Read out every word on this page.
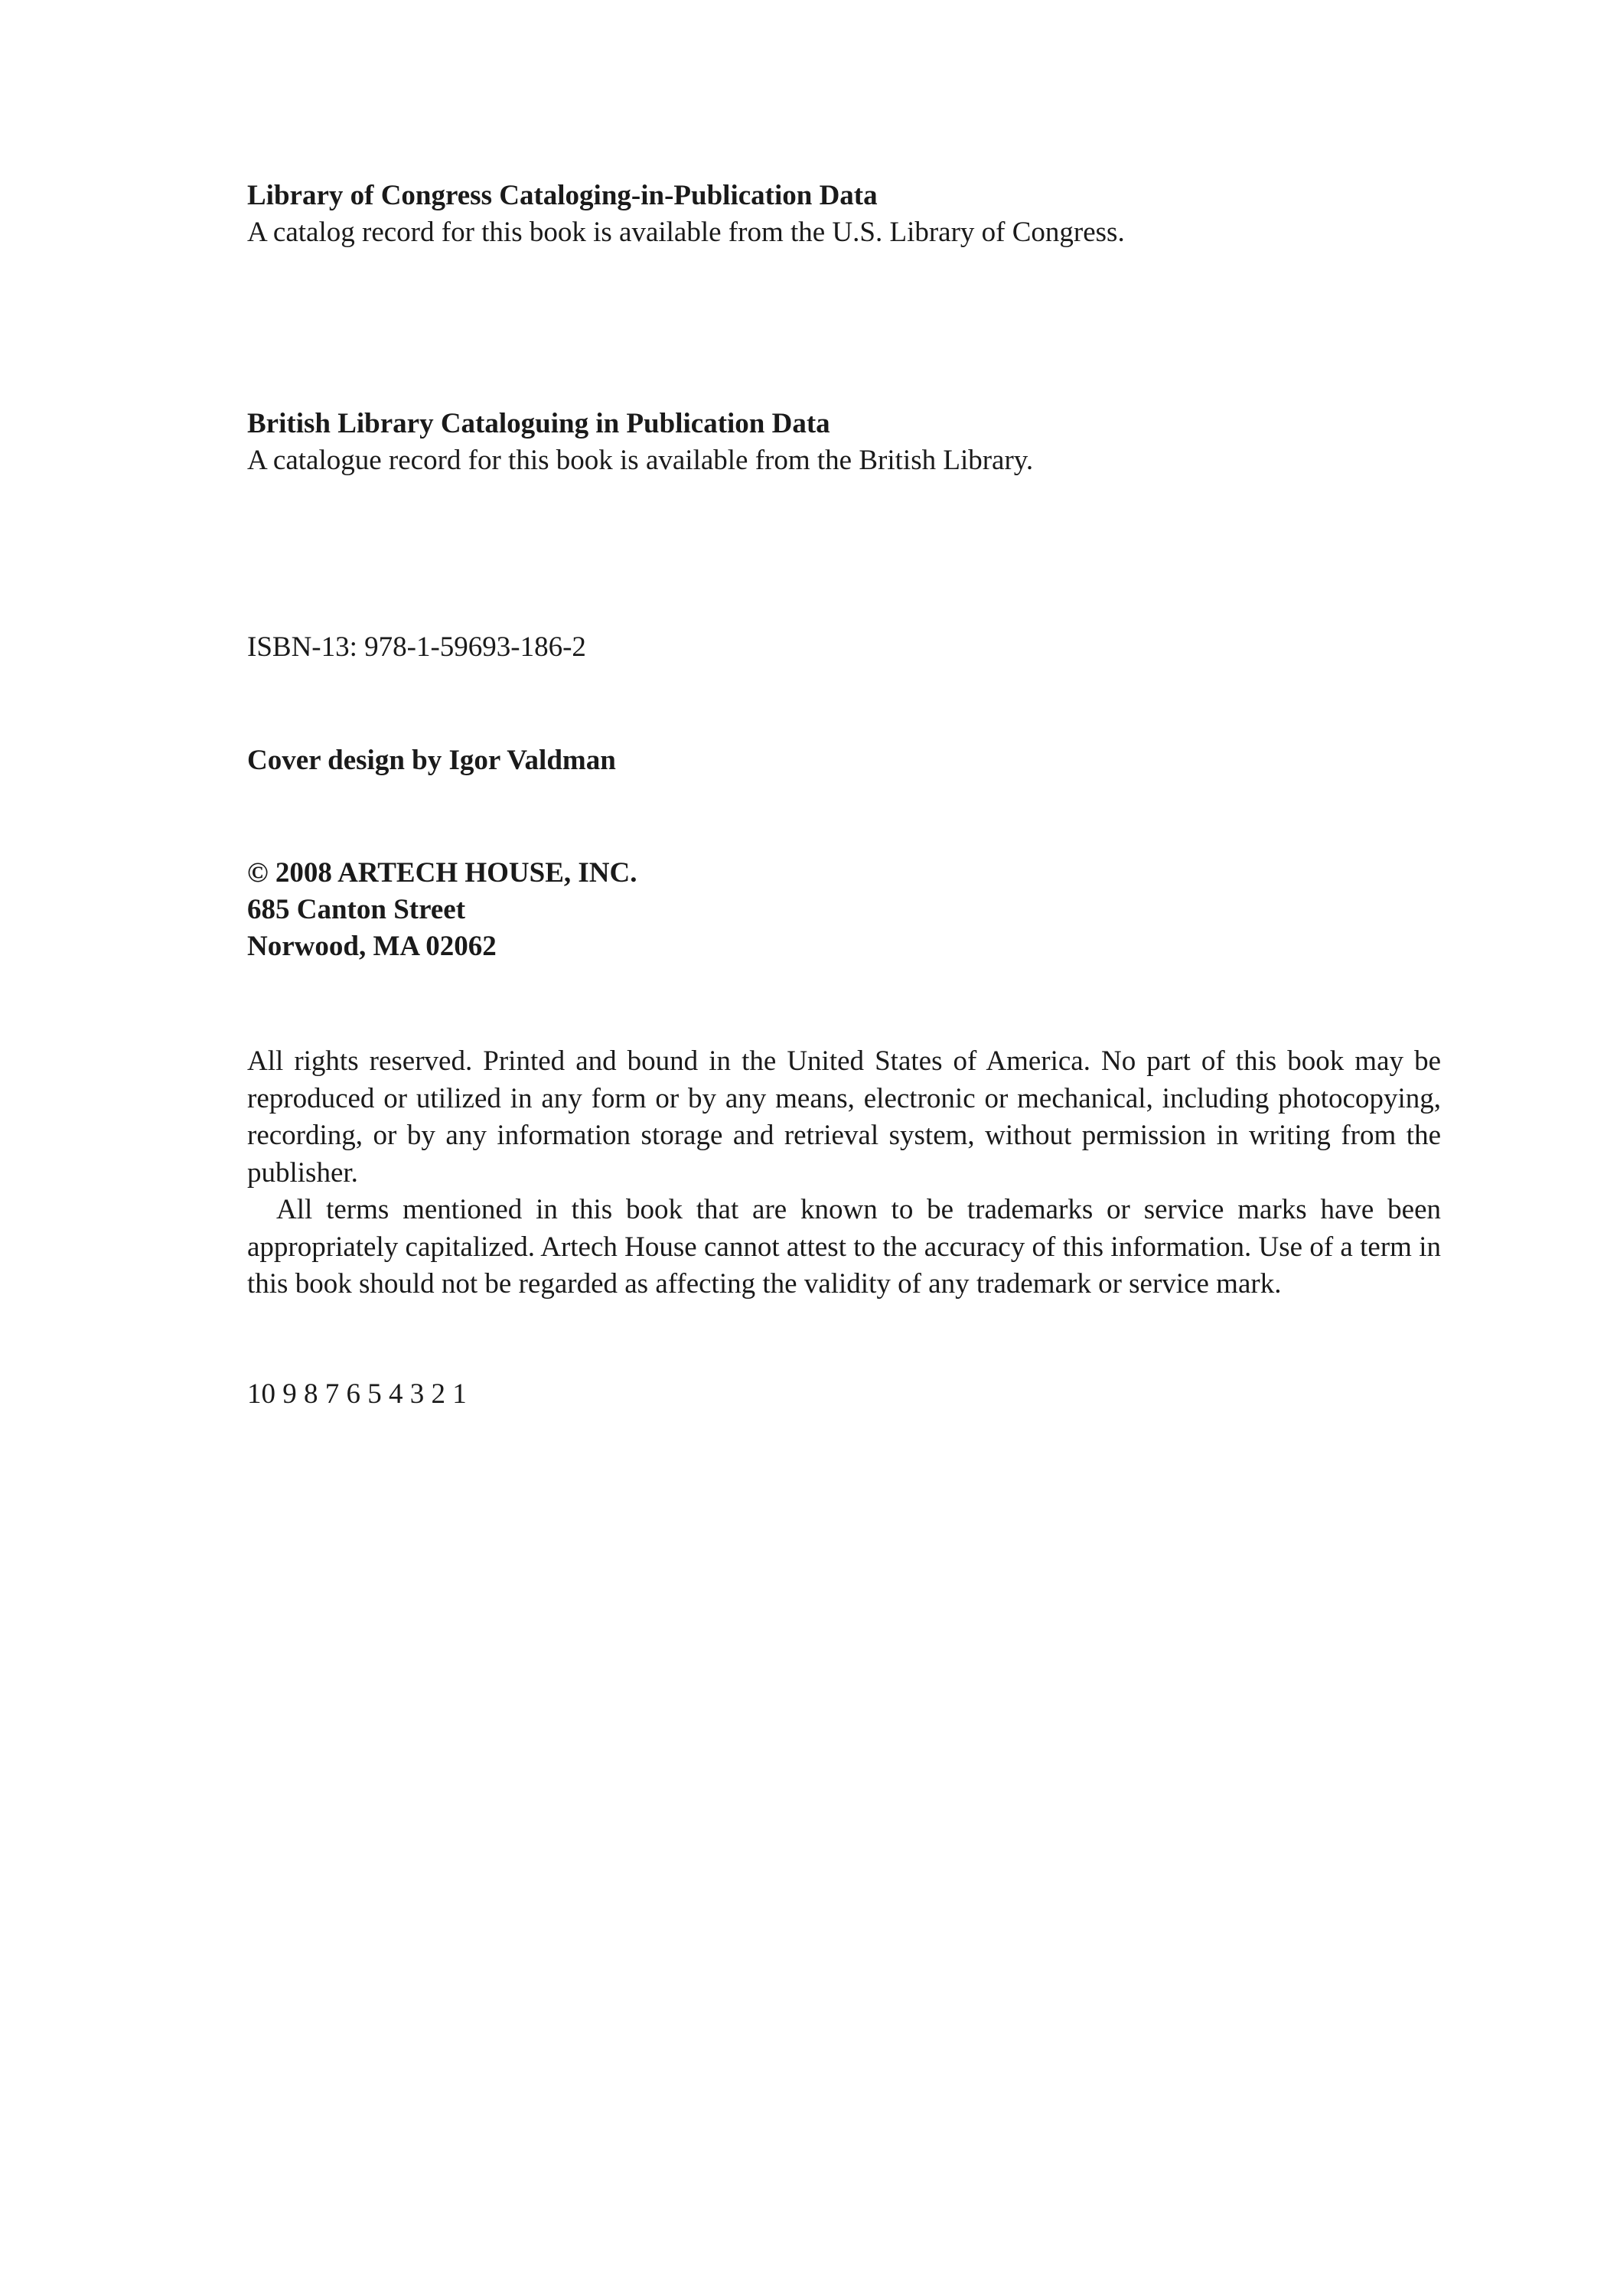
Library of Congress Cataloging-in-Publication Data
A catalog record for this book is available from the U.S. Library of Congress.
British Library Cataloguing in Publication Data
A catalogue record for this book is available from the British Library.
ISBN-13: 978-1-59693-186-2
Cover design by Igor Valdman
© 2008 ARTECH HOUSE, INC.
685 Canton Street
Norwood, MA 02062
All rights reserved. Printed and bound in the United States of America. No part of this book may be reproduced or utilized in any form or by any means, electronic or mechanical, including photocopying, recording, or by any information storage and retrieval system, without permission in writing from the publisher.
All terms mentioned in this book that are known to be trademarks or service marks have been appropriately capitalized. Artech House cannot attest to the accuracy of this information. Use of a term in this book should not be regarded as affecting the validity of any trademark or service mark.
10 9 8 7 6 5 4 3 2 1
